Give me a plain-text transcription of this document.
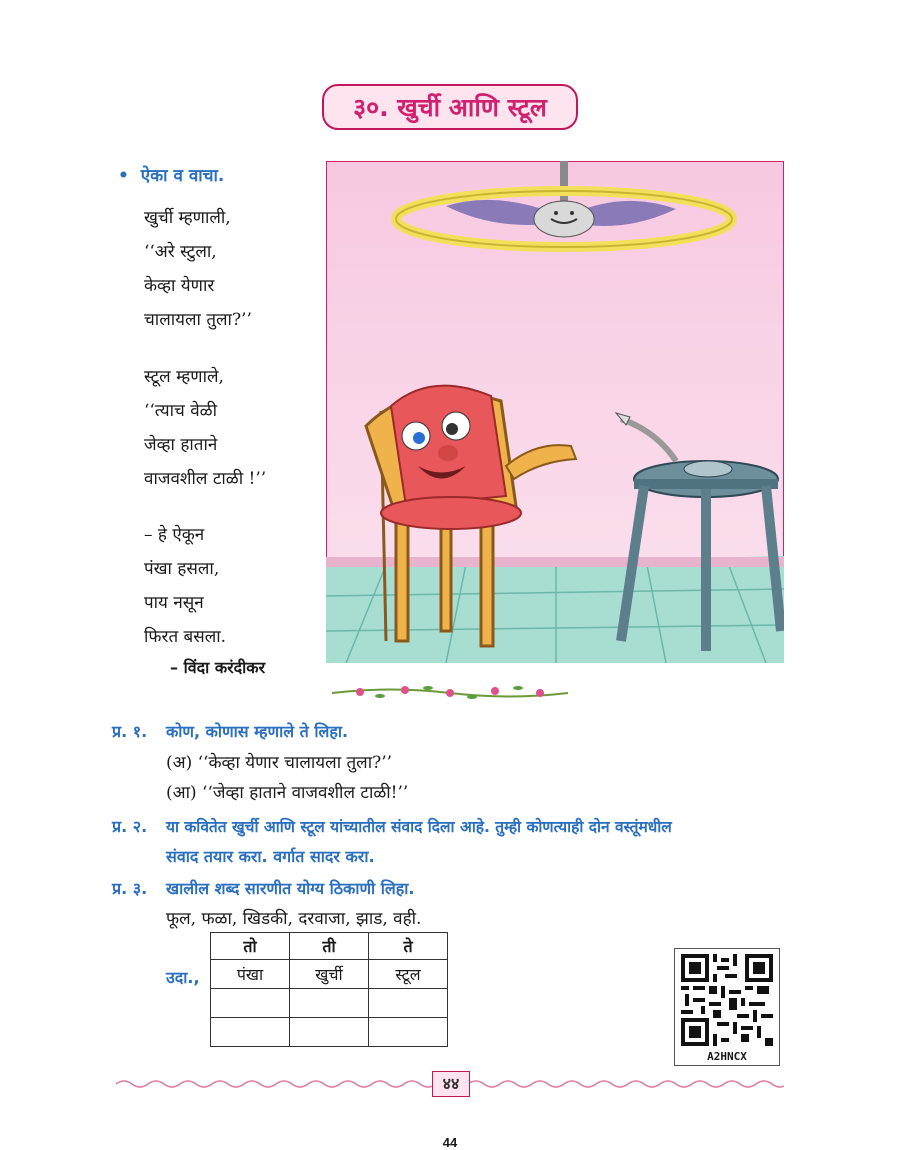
३०. खुर्ची आणि स्टूल
•  ऐका व वाचा.
खुर्ची म्हणाली,
‘‘अरे स्टुला,
केव्हा येणार
चालायला तुला?’’
स्टूल म्हणाले,
‘‘त्याच वेळी
जेव्हा हाताने
वाजवशील टाळी !’’
– हे ऐकून
पंखा हसला,
पाय नसून
फिरत बसला.
– विंदा करंदीकर
प्र. १. कोण, कोणास म्हणाले ते लिहा.
(अ) ‘‘केव्हा येणार चालायला तुला?’’
(आ) ‘‘जेव्हा हाताने वाजवशील टाळी!’’
प्र. २. या कवितेत खुर्ची आणि स्टूल यांच्यातील संवाद दिला आहे. तुम्ही कोणत्याही दोन वस्तूंमधील
संवाद तयार करा. वर्गात सादर करा.
प्र. ३. खालील शब्द सारणीत योग्य ठिकाणी लिहा.
फूल, फळा, खिडकी, दरवाजा, झाड, वही.
उदा.,
तो	ती	ते
पंखा	खुर्ची	स्टूल

A2HNCX
४४
44
